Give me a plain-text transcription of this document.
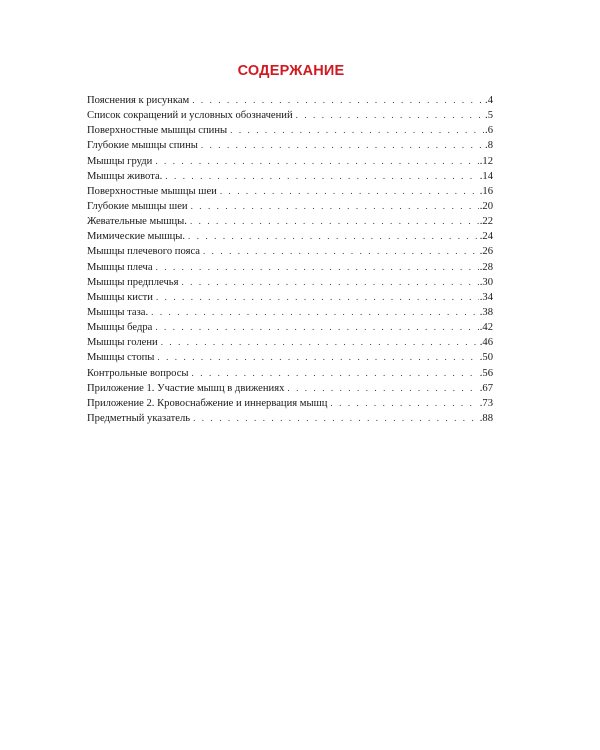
СОДЕРЖАНИЕ
Пояснения к рисункам . . .	.4
Список сокращений и условных обозначений . . .	.5
Поверхностные мышцы спины . . .	.6
Глубокие мышцы спины . . .	.8
Мышцы груди . . .	.12
Мышцы живота. . . .	.14
Поверхностные мышцы шеи . . .	.16
Глубокие мышцы шеи . . .	.20
Жевательные мышцы. . . .	.22
Мимические мышцы. . . .	.24
Мышцы плечевого пояса . . .	.26
Мышцы плеча . . .	.28
Мышцы предплечья . . .	.30
Мышцы кисти . . .	.34
Мышцы таза. . . .	.38
Мышцы бедра . . .	.42
Мышцы голени . . .	.46
Мышцы стопы . . .	.50
Контрольные вопросы . . .	.56
Приложение 1. Участие мышц в движениях . . .	.67
Приложение 2. Кровоснабжение и иннервация мышц . . .	.73
Предметный указатель . . .	.88
